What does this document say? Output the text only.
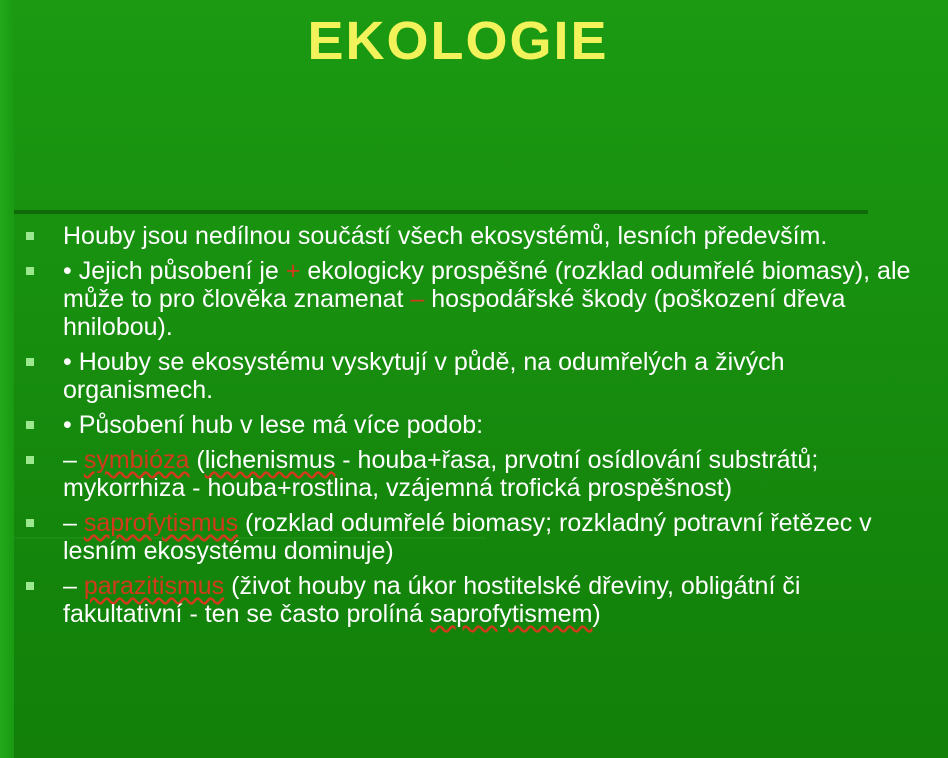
EKOLOGIE
Houby jsou nedílnou součástí všech ekosystémů, lesních především.
• Jejich působení je + ekologicky prospěšné (rozklad odumřelé biomasy), ale může to pro člověka znamenat – hospodářské škody (poškození dřeva hnilobou).
• Houby se ekosystému vyskytují v půdě, na odumřelých a živých organismech.
• Působení hub v lese má více podob:
– symbióza (lichenismus - houba+řasa, prvotní osídlování substrátů; mykorrhiza - houba+rostlina, vzájemná trofická prospěšnost)
– saprofytismus (rozklad odumřelé biomasy; rozkladný potravní řetězec v lesním ekosystému dominuje)
– parazitismus (život houby na úkor hostitelské dřeviny, obligátní či fakultativní - ten se často prolíná saprofytismem)
